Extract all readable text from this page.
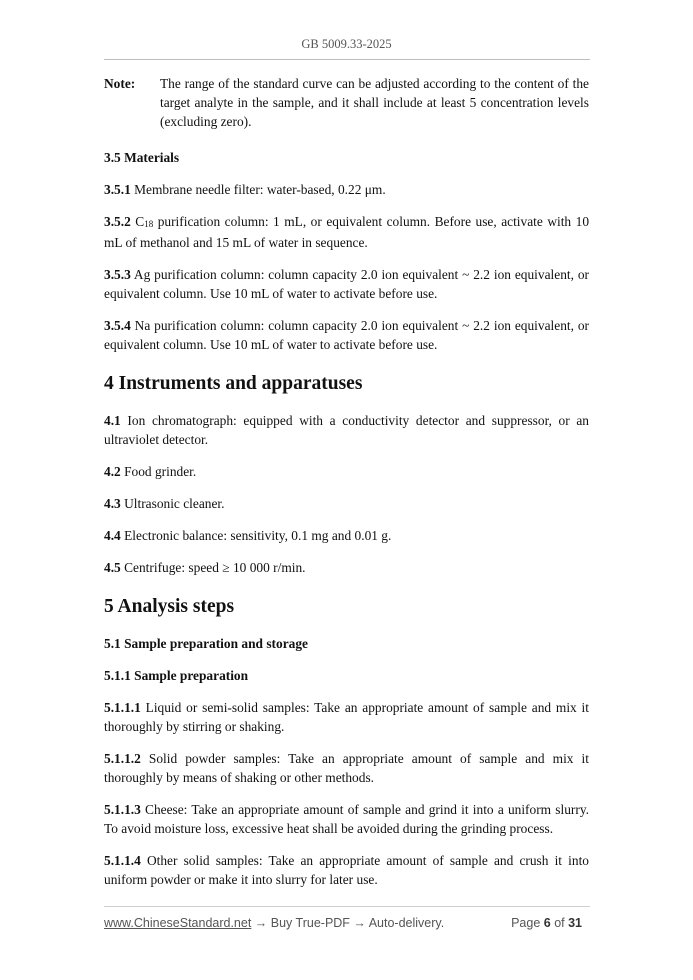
GB 5009.33-2025
Note:	The range of the standard curve can be adjusted according to the content of the target analyte in the sample, and it shall include at least 5 concentration levels (excluding zero).
3.5 Materials

3.5.1 Membrane needle filter: water-based, 0.22 μm.

3.5.2 $C_{18}$ purification column: 1 mL, or equivalent column. Before use, activate with 10 mL of methanol and 15 mL of water in sequence.

3.5.3 Ag purification column: column capacity 2.0 ion equivalent ~ 2.2 ion equivalent, or equivalent column. Use 10 mL of water to activate before use.

3.5.4 Na purification column: column capacity 2.0 ion equivalent ~ 2.2 ion equivalent, or equivalent column. Use 10 mL of water to activate before use.

4 Instruments and apparatuses

4.1 Ion chromatograph: equipped with a conductivity detector and suppressor, or an ultraviolet detector.

4.2 Food grinder.

4.3 Ultrasonic cleaner.

4.4 Electronic balance: sensitivity, 0.1 mg and 0.01 g.

4.5 Centrifuge: speed ≥ 10 000 r/min.

5 Analysis steps
5.1 Sample preparation and storage
5.1.1 Sample preparation

5.1.1.1 Liquid or semi-solid samples: Take an appropriate amount of sample and mix it thoroughly by stirring or shaking.

5.1.1.2 Solid powder samples: Take an appropriate amount of sample and mix it thoroughly by means of shaking or other methods.

5.1.1.3 Cheese: Take an appropriate amount of sample and grind it into a uniform slurry. To avoid moisture loss, excessive heat shall be avoided during the grinding process.

5.1.1.4 Other solid samples: Take an appropriate amount of sample and crush it into uniform powder or make it into slurry for later use.

www.ChineseStandard.net → Buy True-PDF → Auto-delivery.	Page 6 of 31
